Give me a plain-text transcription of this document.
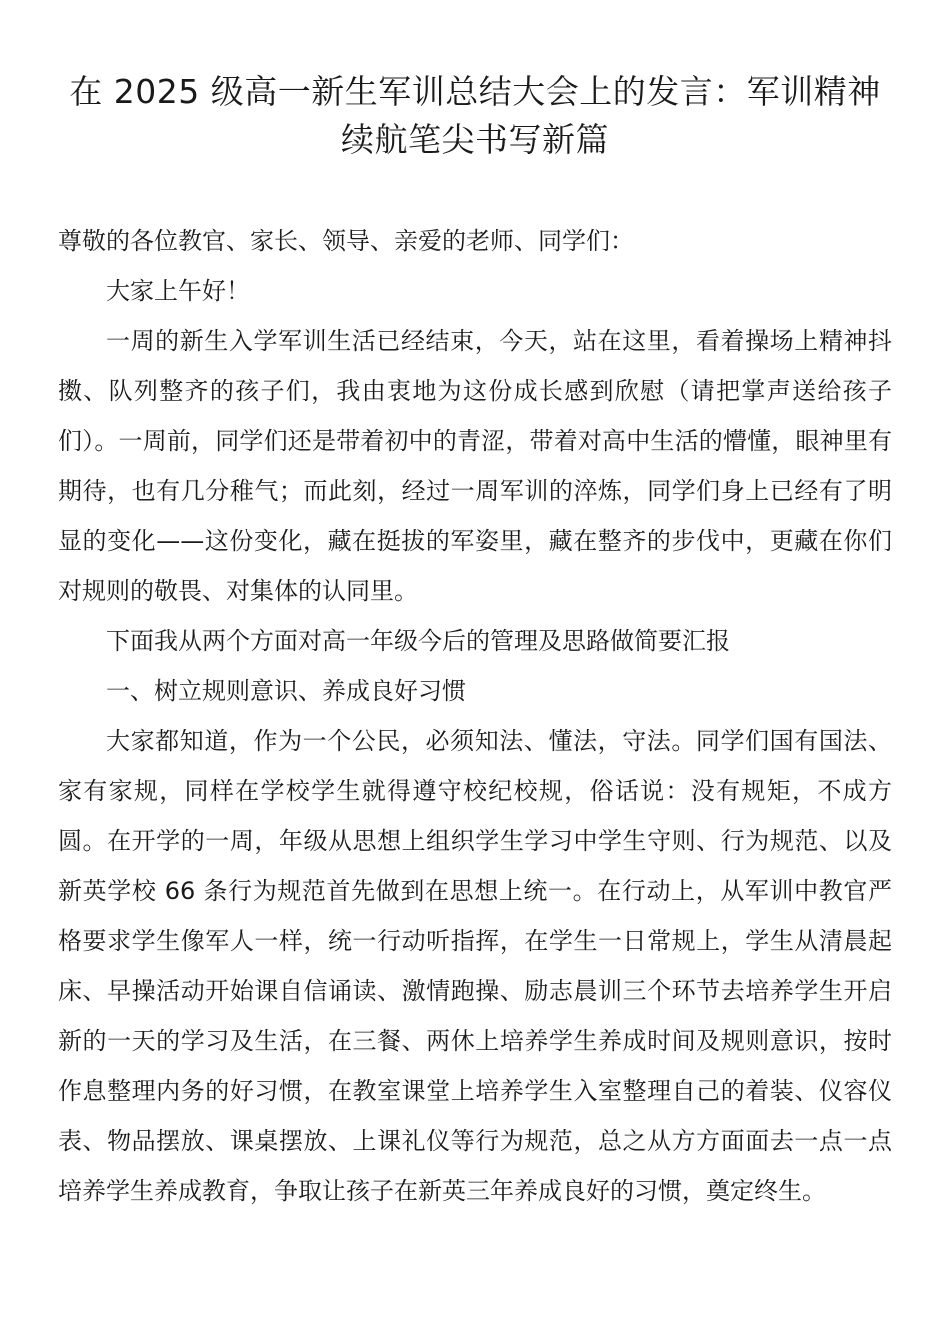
在 2025 级高一新生军训总结大会上的发言：军训精神续航笔尖书写新篇

尊敬的各位教官、家长、领导、亲爱的老师、同学们：

大家上午好！

一周的新生入学军训生活已经结束，今天，站在这里，看着操场上精神抖擞、队列整齐的孩子们，我由衷地为这份成长感到欣慰（请把掌声送给孩子们）。一周前，同学们还是带着初中的青涩，带着对高中生活的懵懂，眼神里有期待，也有几分稚气；而此刻，经过一周军训的淬炼，同学们身上已经有了明显的变化——这份变化，藏在挺拔的军姿里，藏在整齐的步伐中，更藏在你们对规则的敬畏、对集体的认同里。

下面我从两个方面对高一年级今后的管理及思路做简要汇报

一、树立规则意识、养成良好习惯

大家都知道，作为一个公民，必须知法、懂法，守法。同学们国有国法、家有家规，同样在学校学生就得遵守校纪校规，俗话说：没有规矩，不成方圆。在开学的一周，年级从思想上组织学生学习中学生守则、行为规范、以及新英学校 66 条行为规范首先做到在思想上统一。在行动上，从军训中教官严格要求学生像军人一样，统一行动听指挥，在学生一日常规上，学生从清晨起床、早操活动开始课自信诵读、激情跑操、励志晨训三个环节去培养学生开启新的一天的学习及生活，在三餐、两休上培养学生养成时间及规则意识，按时作息整理内务的好习惯，在教室课堂上培养学生入室整理自己的着装、仪容仪表、物品摆放、课桌摆放、上课礼仪等行为规范，总之从方方面面去一点一点培养学生养成教育，争取让孩子在新英三年养成良好的习惯，奠定终生。
